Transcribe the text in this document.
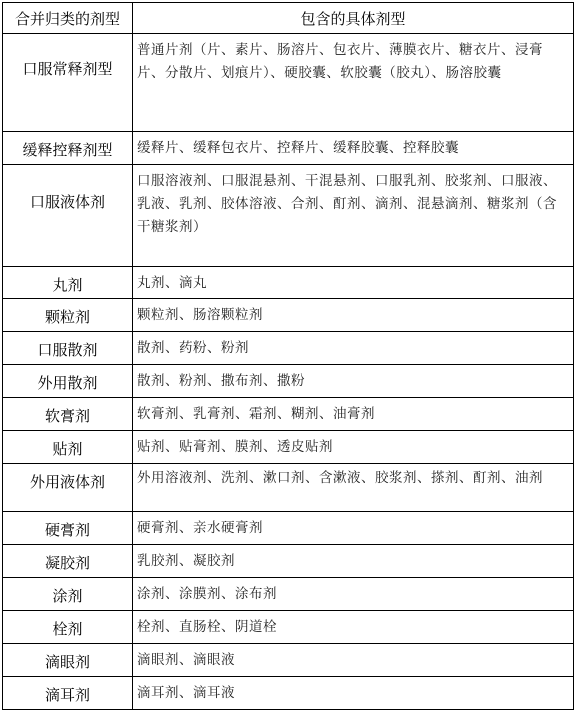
合并归类的剂型	包含的具体剂型
口服常释剂型	普通片剂（片、素片、肠溶片、包衣片、薄膜衣片、糖衣片、浸膏片、分散片、划痕片）、硬胶囊、软胶囊（胶丸）、肠溶胶囊
缓释控释剂型	缓释片、缓释包衣片、控释片、缓释胶囊、控释胶囊
口服液体剂	口服溶液剂、口服混悬剂、干混悬剂、口服乳剂、胶浆剂、口服液、乳液、乳剂、胶体溶液、合剂、酊剂、滴剂、混悬滴剂、糖浆剂（含干糖浆剂）
丸剂	丸剂、滴丸
颗粒剂	颗粒剂、肠溶颗粒剂
口服散剂	散剂、药粉、粉剂
外用散剂	散剂、粉剂、撒布剂、撒粉
软膏剂	软膏剂、乳膏剂、霜剂、糊剂、油膏剂
贴剂	贴剂、贴膏剂、膜剂、透皮贴剂
外用液体剂	外用溶液剂、洗剂、漱口剂、含漱液、胶浆剂、搽剂、酊剂、油剂
硬膏剂	硬膏剂、亲水硬膏剂
凝胶剂	乳胶剂、凝胶剂
涂剂	涂剂、涂膜剂、涂布剂
栓剂	栓剂、直肠栓、阴道栓
滴眼剂	滴眼剂、滴眼液
滴耳剂	滴耳剂、滴耳液
